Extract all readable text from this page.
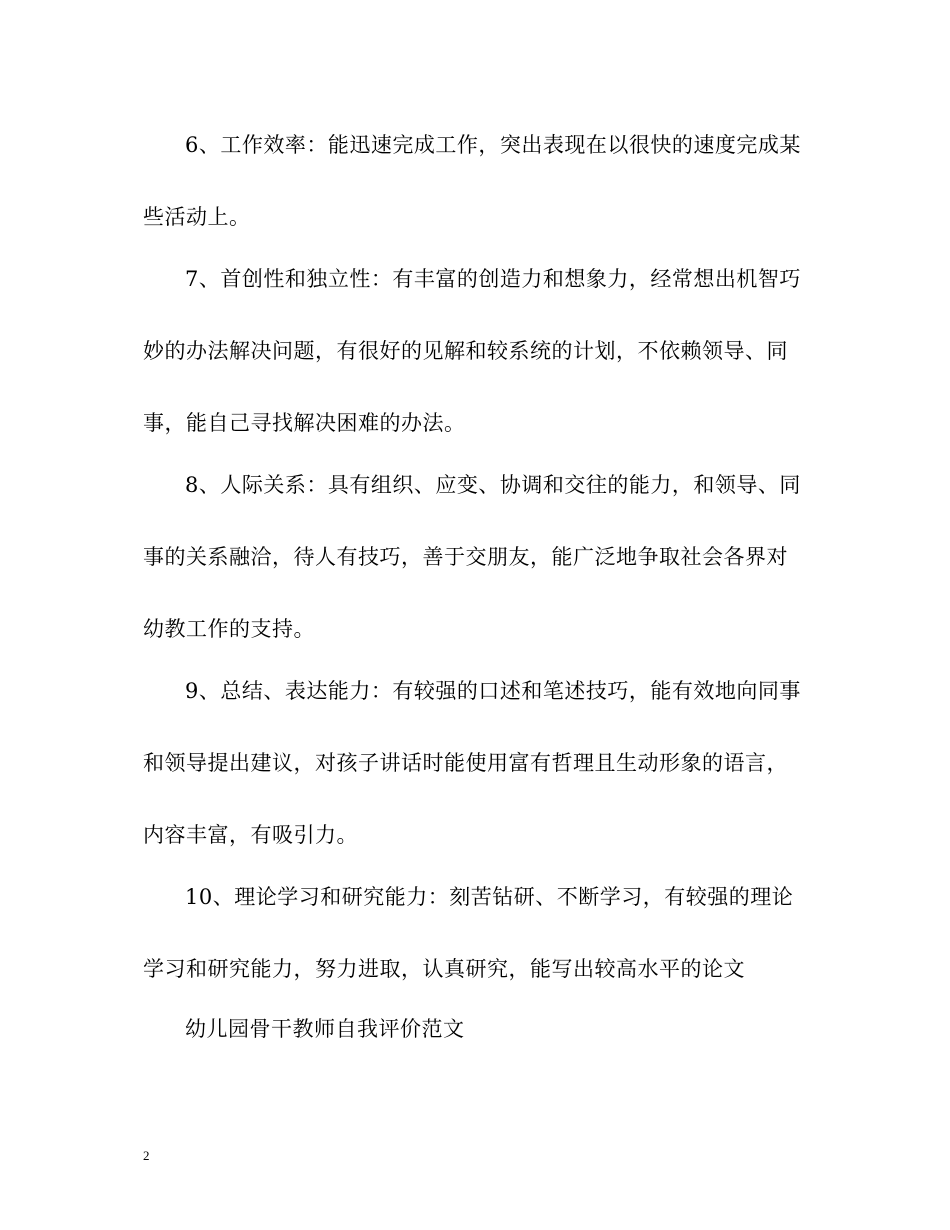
6、工作效率：能迅速完成工作，突出表现在以很快的速度完成某
些活动上。
7、首创性和独立性：有丰富的创造力和想象力，经常想出机智巧
妙的办法解决问题，有很好的见解和较系统的计划，不依赖领导、同
事，能自己寻找解决困难的办法。
8、人际关系：具有组织、应变、协调和交往的能力，和领导、同
事的关系融洽，待人有技巧，善于交朋友，能广泛地争取社会各界对
幼教工作的支持。
9、总结、表达能力：有较强的口述和笔述技巧，能有效地向同事
和领导提出建议，对孩子讲话时能使用富有哲理且生动形象的语言，
内容丰富，有吸引力。
10、理论学习和研究能力：刻苦钻研、不断学习，有较强的理论
学习和研究能力，努力进取，认真研究，能写出较高水平的论文
幼儿园骨干教师自我评价范文
2
